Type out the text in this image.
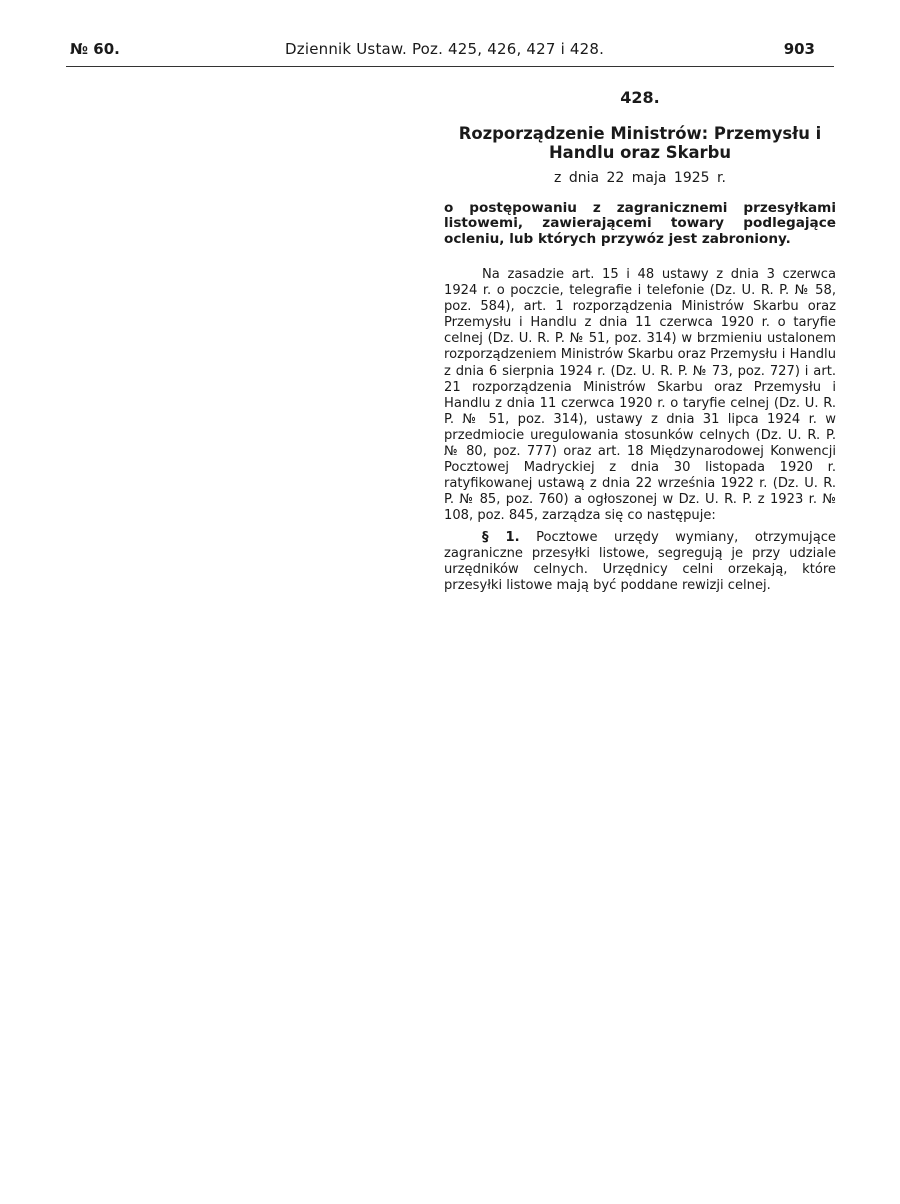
№ 60.	Dziennik Ustaw. Poz. 425, 426, 427 i 428.	903
428.
Rozporządzenie Ministrów: Przemysłu i Handlu oraz Skarbu
z dnia 22 maja 1925 r.
o postępowaniu z zagranicznemi przesyłkami listowemi, zawierającemi towary podlegające ocleniu, lub których przywóz jest zabroniony.

Na zasadzie art. 15 i 48 ustawy z dnia 3 czerwca 1924 r. o poczcie, telegrafie i telefonie (Dz. U. R. P. № 58, poz. 584), art. 1 rozporządzenia Ministrów Skarbu oraz Przemysłu i Handlu z dnia 11 czerwca 1920 r. o taryfie celnej (Dz. U. R. P. № 51, poz. 314) w brzmieniu ustalonem rozporządzeniem Ministrów Skarbu oraz Przemysłu i Handlu z dnia 6 sierpnia 1924 r. (Dz. U. R. P. № 73, poz. 727) i art. 21 rozporządzenia Ministrów Skarbu oraz Przemysłu i Handlu z dnia 11 czerwca 1920 r. o taryfie celnej (Dz. U. R. P. № 51, poz. 314), ustawy z dnia 31 lipca 1924 r. w przedmiocie uregulowania stosunków celnych (Dz. U. R. P. № 80, poz. 777) oraz art. 18 Międzynarodowej Konwencji Pocztowej Madryckiej z dnia 30 listopada 1920 r. ratyfikowanej ustawą z dnia 22 września 1922 r. (Dz. U. R. P. № 85, poz. 760) a ogłoszonej w Dz. U. R. P. z 1923 r. № 108, poz. 845, zarządza się co następuje:

§ 1. Pocztowe urzędy wymiany, otrzymujące zagraniczne przesyłki listowe, segregują je przy udziale urzędników celnych. Urzędnicy celni orzekają, które przesyłki listowe mają być poddane rewizji celnej.
